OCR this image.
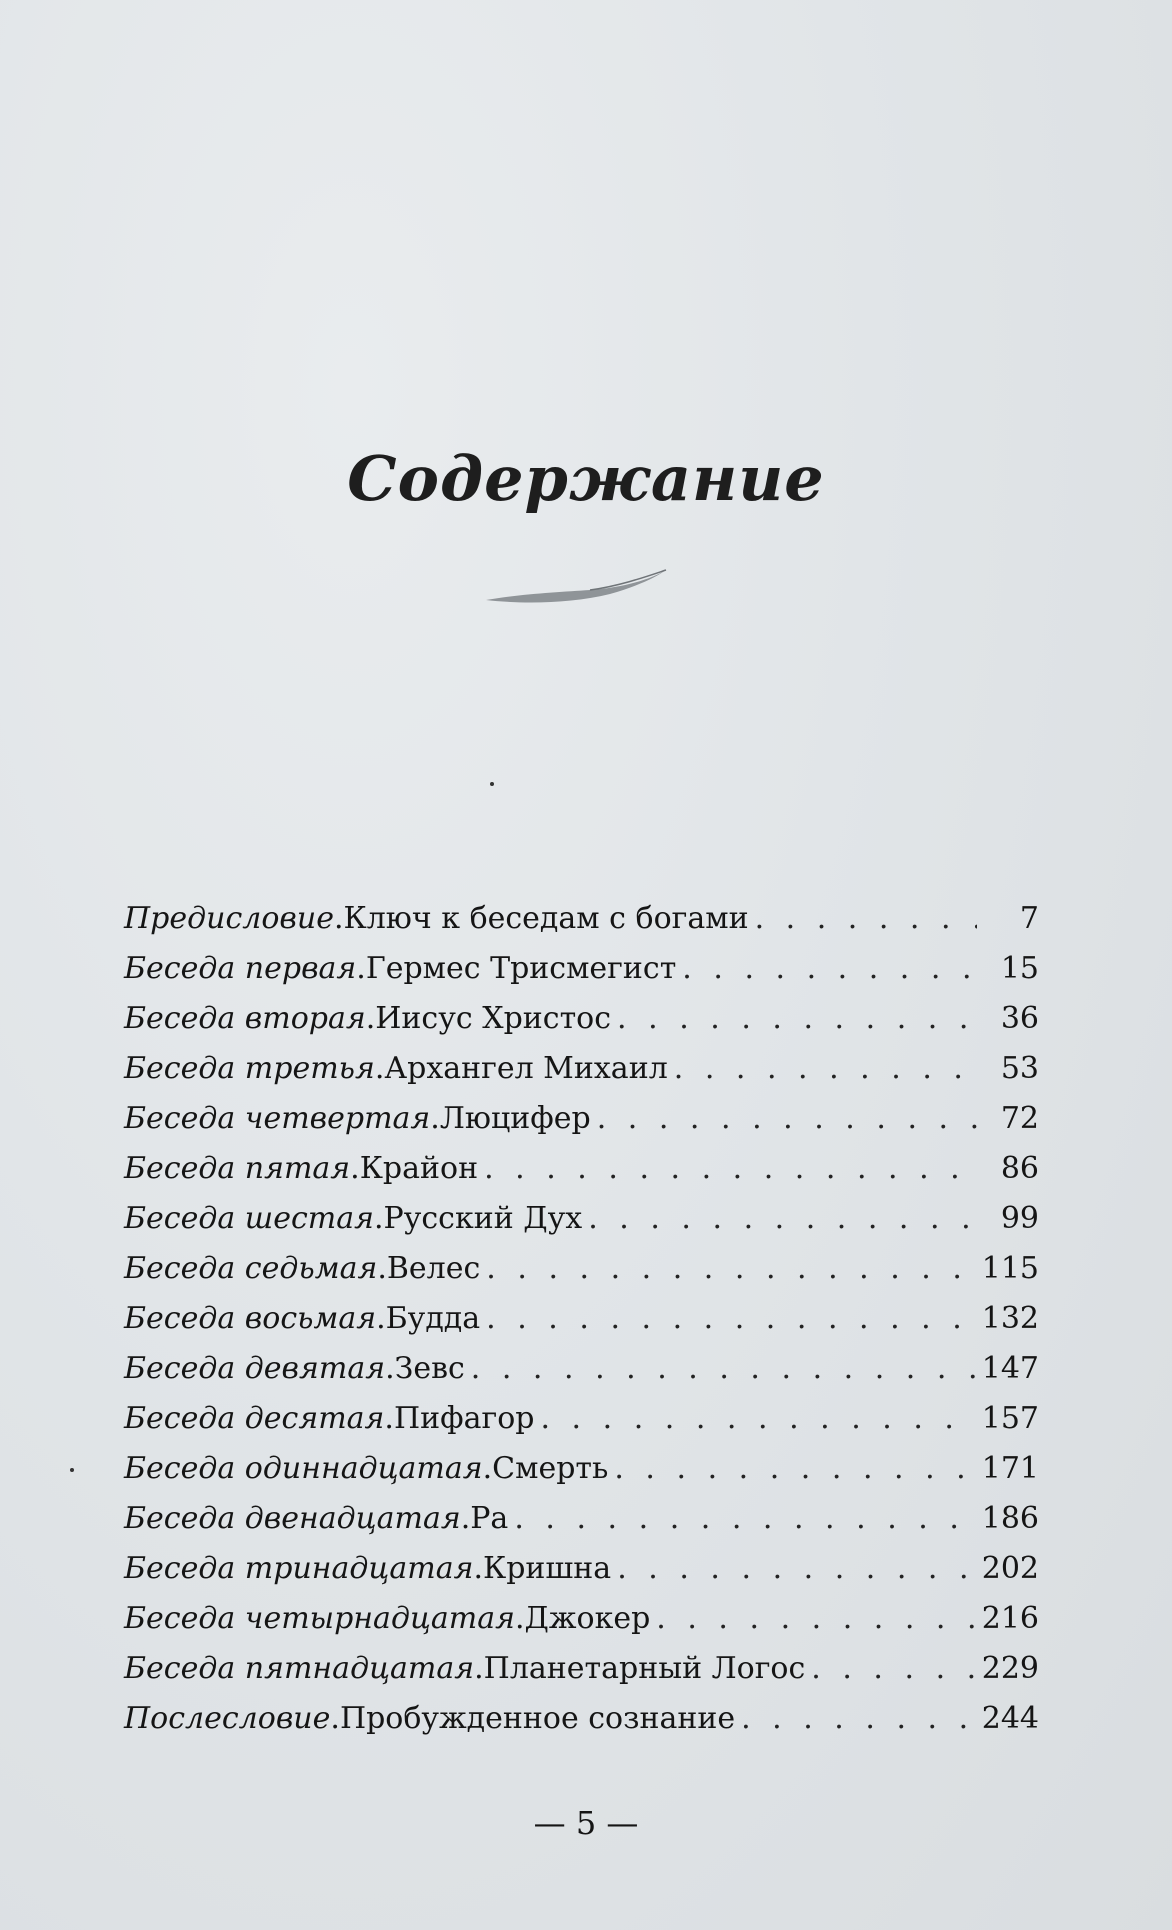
Содержание
Предисловие . Ключ к беседам с богами . . .	7
Беседа первая . Гермес Трисмегист . . .	15
Беседа вторая . Иисус Христос . . .	36
Беседа третья . Архангел Михаил . . .	53
Беседа четвертая . Люцифер . . .	72
Беседа пятая . Крайон . . .	86
Беседа шестая . Русский Дух . . .	99
Беседа седьмая . Велес . . .	115
Беседа восьмая . Будда . . .	132
Беседа девятая . Зевс . . .	147
Беседа десятая . Пифагор . . .	157
Беседа одиннадцатая . Смерть . . .	171
Беседа двенадцатая . Ра . . .	186
Беседа тринадцатая . Кришна . . .	202
Беседа четырнадцатая . Джокер . . .	216
Беседа пятнадцатая . Планетарный Логос . . .	229
Послесловие . Пробужденное сознание . . .	244
— 5 —
